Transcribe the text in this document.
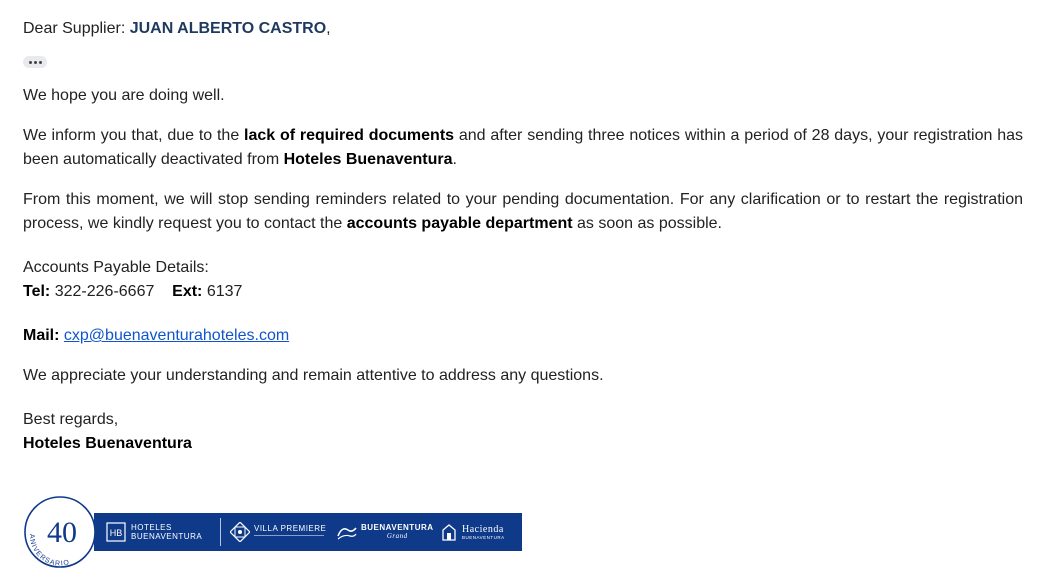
Dear Supplier: JUAN ALBERTO CASTRO,
We hope you are doing well.
We inform you that, due to the lack of required documents and after sending three notices within a period of 28 days, your registration has been automatically deactivated from Hoteles Buenaventura.
From this moment, we will stop sending reminders related to your pending documentation. For any clarification or to restart the registration process, we kindly request you to contact the accounts payable department as soon as possible.
Accounts Payable Details:
Tel: 322-226-6667 Ext: 6137
Mail: cxp@buenaventurahoteles.com
We appreciate your understanding and remain attentive to address any questions.
Best regards,
Hoteles Buenaventura
HB
HOTELES
BUENAVENTURA
VILLA PREMIERE	BUENAVENTURA
Grand
Hacienda
BUENAVENTURA
40
ANIVERSARIO
